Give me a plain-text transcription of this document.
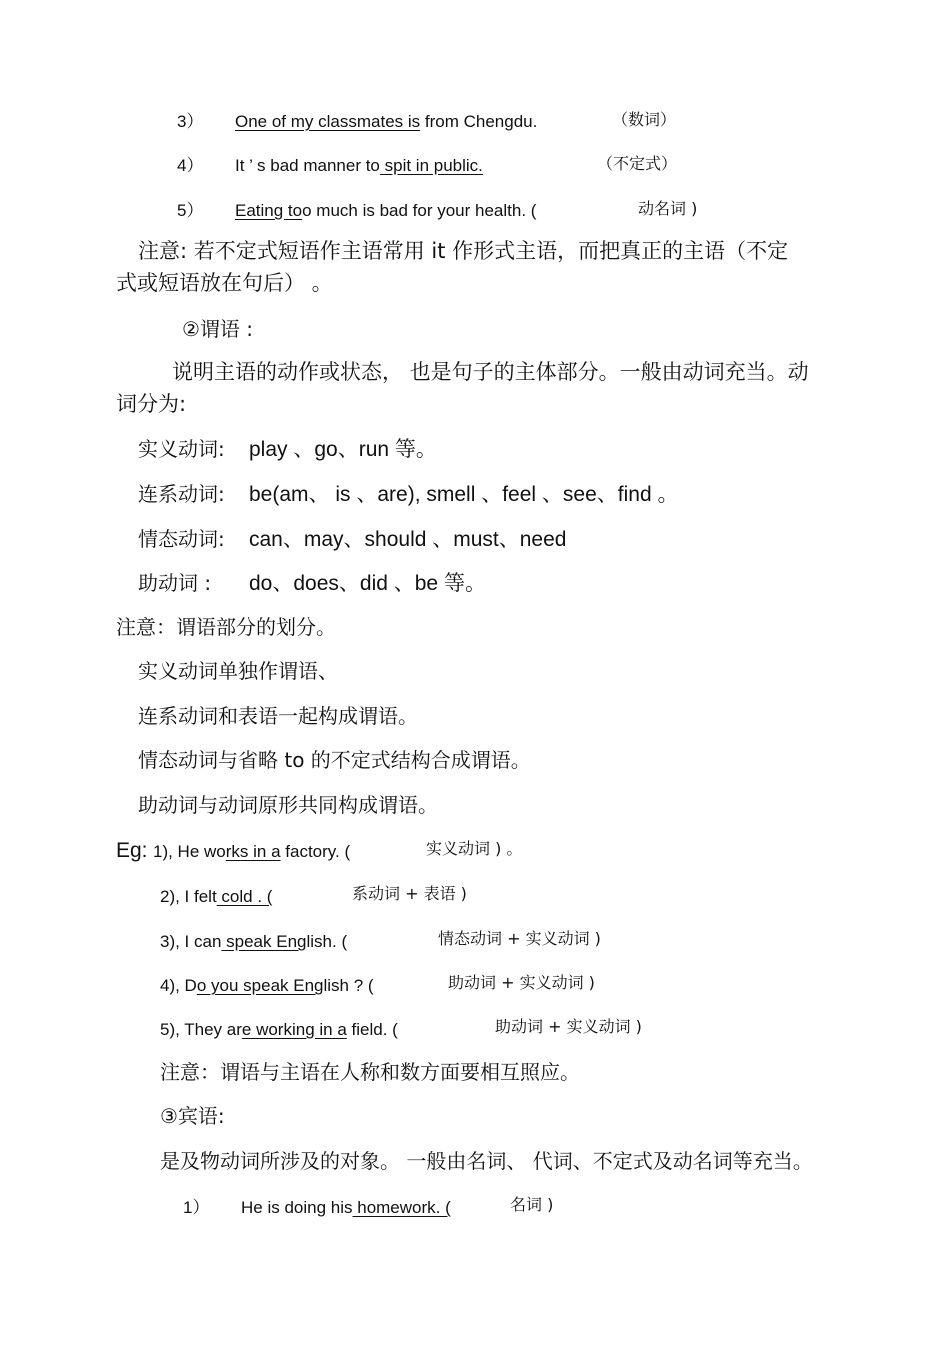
3） One of my classmates is from Chengdu.	（数词）
4） It ’ s bad manner to spit in public.	（不定式）
5） Eating too much is bad for your health. (	动名词 )
注意: 若不定式短语作主语常用 it 作形式主语，而把真正的主语（不定
式或短语放在句后） 。
②谓语 :
说明主语的动作或状态， 也是句子的主体部分。一般由动词充当。动
词分为:
实义动词: play 、go、run 等。
连系动词: be(am、 is 、are), smell 、feel 、see、find 。
情态动词: can、may、should 、must、need
助动词 : do、does、did 、be 等。
注意：谓语部分的划分。
实义动词单独作谓语、
连系动词和表语一起构成谓语。
情态动词与省略 to 的不定式结构合成谓语。
助动词与动词原形共同构成谓语。
Eg: 1), He works in a factory. (	实义动词 ) 。
2), I felt cold . (	系动词 + 表语 )
3), I can speak English. (	情态动词 + 实义动词 )
4), Do you speak English ? (	助动词 + 实义动词 )
5), They are working in a field. (	助动词 + 实义动词 )
注意：谓语与主语在人称和数方面要相互照应。
③宾语:
是及物动词所涉及的对象。 一般由名词、 代词、不定式及动名词等充当。
1） He is doing his homework. (	名词 )
